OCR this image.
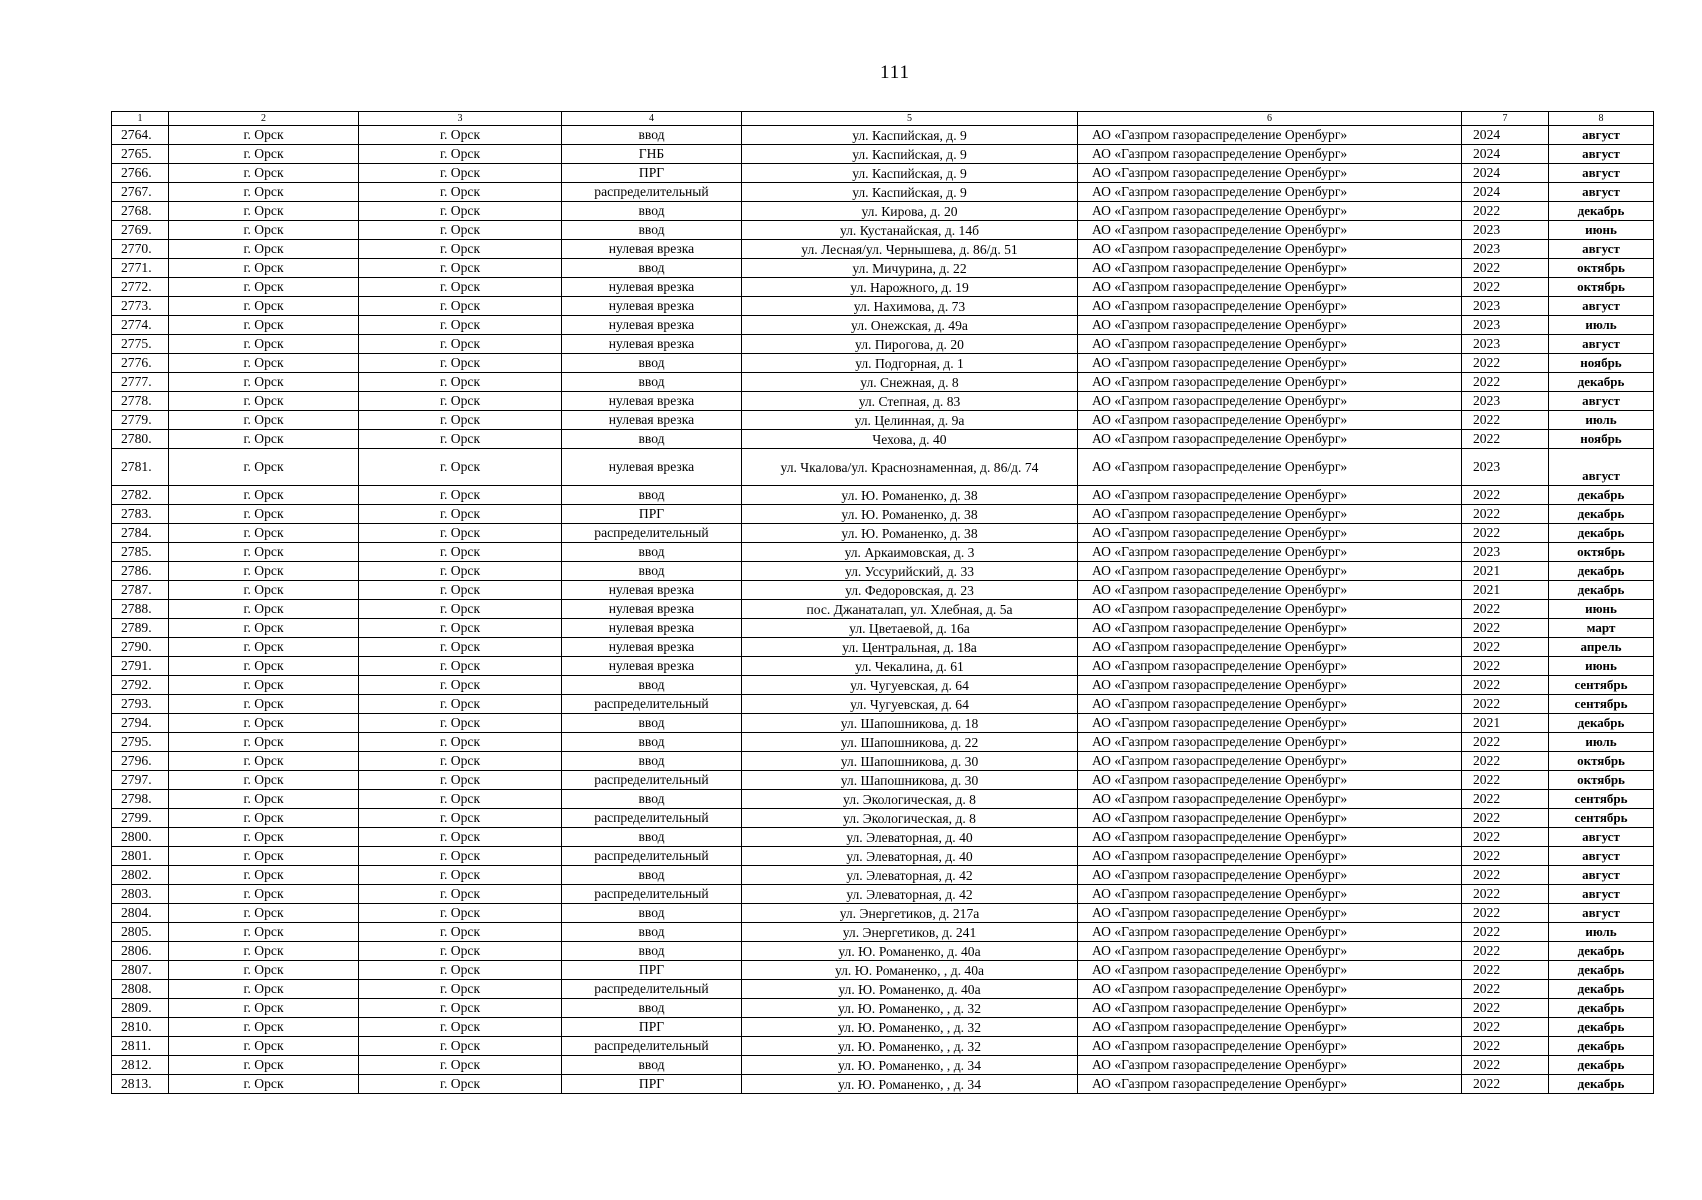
111
1	2	3	4	5	6	7	8
2764.	г. Орск	г. Орск	ввод	ул. Каспийская, д. 9	АО «Газпром газораспределение Оренбург»	2024	август
2765.	г. Орск	г. Орск	ГНБ	ул. Каспийская, д. 9	АО «Газпром газораспределение Оренбург»	2024	август
2766.	г. Орск	г. Орск	ПРГ	ул. Каспийская, д. 9	АО «Газпром газораспределение Оренбург»	2024	август
2767.	г. Орск	г. Орск	распределительный	ул. Каспийская, д. 9	АО «Газпром газораспределение Оренбург»	2024	август
2768.	г. Орск	г. Орск	ввод	ул. Кирова, д. 20	АО «Газпром газораспределение Оренбург»	2022	декабрь
2769.	г. Орск	г. Орск	ввод	ул. Кустанайская, д. 14б	АО «Газпром газораспределение Оренбург»	2023	июнь
2770.	г. Орск	г. Орск	нулевая врезка	ул. Лесная/ул. Чернышева, д. 86/д. 51	АО «Газпром газораспределение Оренбург»	2023	август
2771.	г. Орск	г. Орск	ввод	ул. Мичурина, д. 22	АО «Газпром газораспределение Оренбург»	2022	октябрь
2772.	г. Орск	г. Орск	нулевая врезка	ул. Нарожного, д. 19	АО «Газпром газораспределение Оренбург»	2022	октябрь
2773.	г. Орск	г. Орск	нулевая врезка	ул. Нахимова, д. 73	АО «Газпром газораспределение Оренбург»	2023	август
2774.	г. Орск	г. Орск	нулевая врезка	ул. Онежская, д. 49а	АО «Газпром газораспределение Оренбург»	2023	июль
2775.	г. Орск	г. Орск	нулевая врезка	ул. Пирогова, д. 20	АО «Газпром газораспределение Оренбург»	2023	август
2776.	г. Орск	г. Орск	ввод	ул. Подгорная, д. 1	АО «Газпром газораспределение Оренбург»	2022	ноябрь
2777.	г. Орск	г. Орск	ввод	ул. Снежная, д. 8	АО «Газпром газораспределение Оренбург»	2022	декабрь
2778.	г. Орск	г. Орск	нулевая врезка	ул. Степная, д. 83	АО «Газпром газораспределение Оренбург»	2023	август
2779.	г. Орск	г. Орск	нулевая врезка	ул. Целинная, д. 9а	АО «Газпром газораспределение Оренбург»	2022	июль
2780.	г. Орск	г. Орск	ввод	Чехова, д. 40	АО «Газпром газораспределение Оренбург»	2022	ноябрь
2781.	г. Орск	г. Орск	нулевая врезка	ул. Чкалова/ул. Краснознаменная, д. 86/д. 74	АО «Газпром газораспределение Оренбург»	2023	август
2782.	г. Орск	г. Орск	ввод	ул. Ю. Романенко, д. 38	АО «Газпром газораспределение Оренбург»	2022	декабрь
2783.	г. Орск	г. Орск	ПРГ	ул. Ю. Романенко, д. 38	АО «Газпром газораспределение Оренбург»	2022	декабрь
2784.	г. Орск	г. Орск	распределительный	ул. Ю. Романенко, д. 38	АО «Газпром газораспределение Оренбург»	2022	декабрь
2785.	г. Орск	г. Орск	ввод	ул. Аркаимовская, д. 3	АО «Газпром газораспределение Оренбург»	2023	октябрь
2786.	г. Орск	г. Орск	ввод	ул. Уссурийский, д. 33	АО «Газпром газораспределение Оренбург»	2021	декабрь
2787.	г. Орск	г. Орск	нулевая врезка	ул. Федоровская, д. 23	АО «Газпром газораспределение Оренбург»	2021	декабрь
2788.	г. Орск	г. Орск	нулевая врезка	пос. Джанаталап, ул. Хлебная, д. 5а	АО «Газпром газораспределение Оренбург»	2022	июнь
2789.	г. Орск	г. Орск	нулевая врезка	ул. Цветаевой, д. 16а	АО «Газпром газораспределение Оренбург»	2022	март
2790.	г. Орск	г. Орск	нулевая врезка	ул. Центральная, д. 18а	АО «Газпром газораспределение Оренбург»	2022	апрель
2791.	г. Орск	г. Орск	нулевая врезка	ул. Чекалина, д. 61	АО «Газпром газораспределение Оренбург»	2022	июнь
2792.	г. Орск	г. Орск	ввод	ул. Чугуевская, д. 64	АО «Газпром газораспределение Оренбург»	2022	сентябрь
2793.	г. Орск	г. Орск	распределительный	ул. Чугуевская, д. 64	АО «Газпром газораспределение Оренбург»	2022	сентябрь
2794.	г. Орск	г. Орск	ввод	ул. Шапошникова, д. 18	АО «Газпром газораспределение Оренбург»	2021	декабрь
2795.	г. Орск	г. Орск	ввод	ул. Шапошникова, д. 22	АО «Газпром газораспределение Оренбург»	2022	июль
2796.	г. Орск	г. Орск	ввод	ул. Шапошникова, д. 30	АО «Газпром газораспределение Оренбург»	2022	октябрь
2797.	г. Орск	г. Орск	распределительный	ул. Шапошникова, д. 30	АО «Газпром газораспределение Оренбург»	2022	октябрь
2798.	г. Орск	г. Орск	ввод	ул. Экологическая, д. 8	АО «Газпром газораспределение Оренбург»	2022	сентябрь
2799.	г. Орск	г. Орск	распределительный	ул. Экологическая, д. 8	АО «Газпром газораспределение Оренбург»	2022	сентябрь
2800.	г. Орск	г. Орск	ввод	ул. Элеваторная, д. 40	АО «Газпром газораспределение Оренбург»	2022	август
2801.	г. Орск	г. Орск	распределительный	ул. Элеваторная, д. 40	АО «Газпром газораспределение Оренбург»	2022	август
2802.	г. Орск	г. Орск	ввод	ул. Элеваторная, д. 42	АО «Газпром газораспределение Оренбург»	2022	август
2803.	г. Орск	г. Орск	распределительный	ул. Элеваторная, д. 42	АО «Газпром газораспределение Оренбург»	2022	август
2804.	г. Орск	г. Орск	ввод	ул. Энергетиков, д. 217а	АО «Газпром газораспределение Оренбург»	2022	август
2805.	г. Орск	г. Орск	ввод	ул. Энергетиков, д. 241	АО «Газпром газораспределение Оренбург»	2022	июль
2806.	г. Орск	г. Орск	ввод	ул. Ю. Романенко, д. 40а	АО «Газпром газораспределение Оренбург»	2022	декабрь
2807.	г. Орск	г. Орск	ПРГ	ул. Ю. Романенко, , д. 40а	АО «Газпром газораспределение Оренбург»	2022	декабрь
2808.	г. Орск	г. Орск	распределительный	ул. Ю. Романенко, д. 40а	АО «Газпром газораспределение Оренбург»	2022	декабрь
2809.	г. Орск	г. Орск	ввод	ул. Ю. Романенко, , д. 32	АО «Газпром газораспределение Оренбург»	2022	декабрь
2810.	г. Орск	г. Орск	ПРГ	ул. Ю. Романенко, , д. 32	АО «Газпром газораспределение Оренбург»	2022	декабрь
2811.	г. Орск	г. Орск	распределительный	ул. Ю. Романенко, , д. 32	АО «Газпром газораспределение Оренбург»	2022	декабрь
2812.	г. Орск	г. Орск	ввод	ул. Ю. Романенко, , д. 34	АО «Газпром газораспределение Оренбург»	2022	декабрь
2813.	г. Орск	г. Орск	ПРГ	ул. Ю. Романенко, , д. 34	АО «Газпром газораспределение Оренбург»	2022	декабрь
